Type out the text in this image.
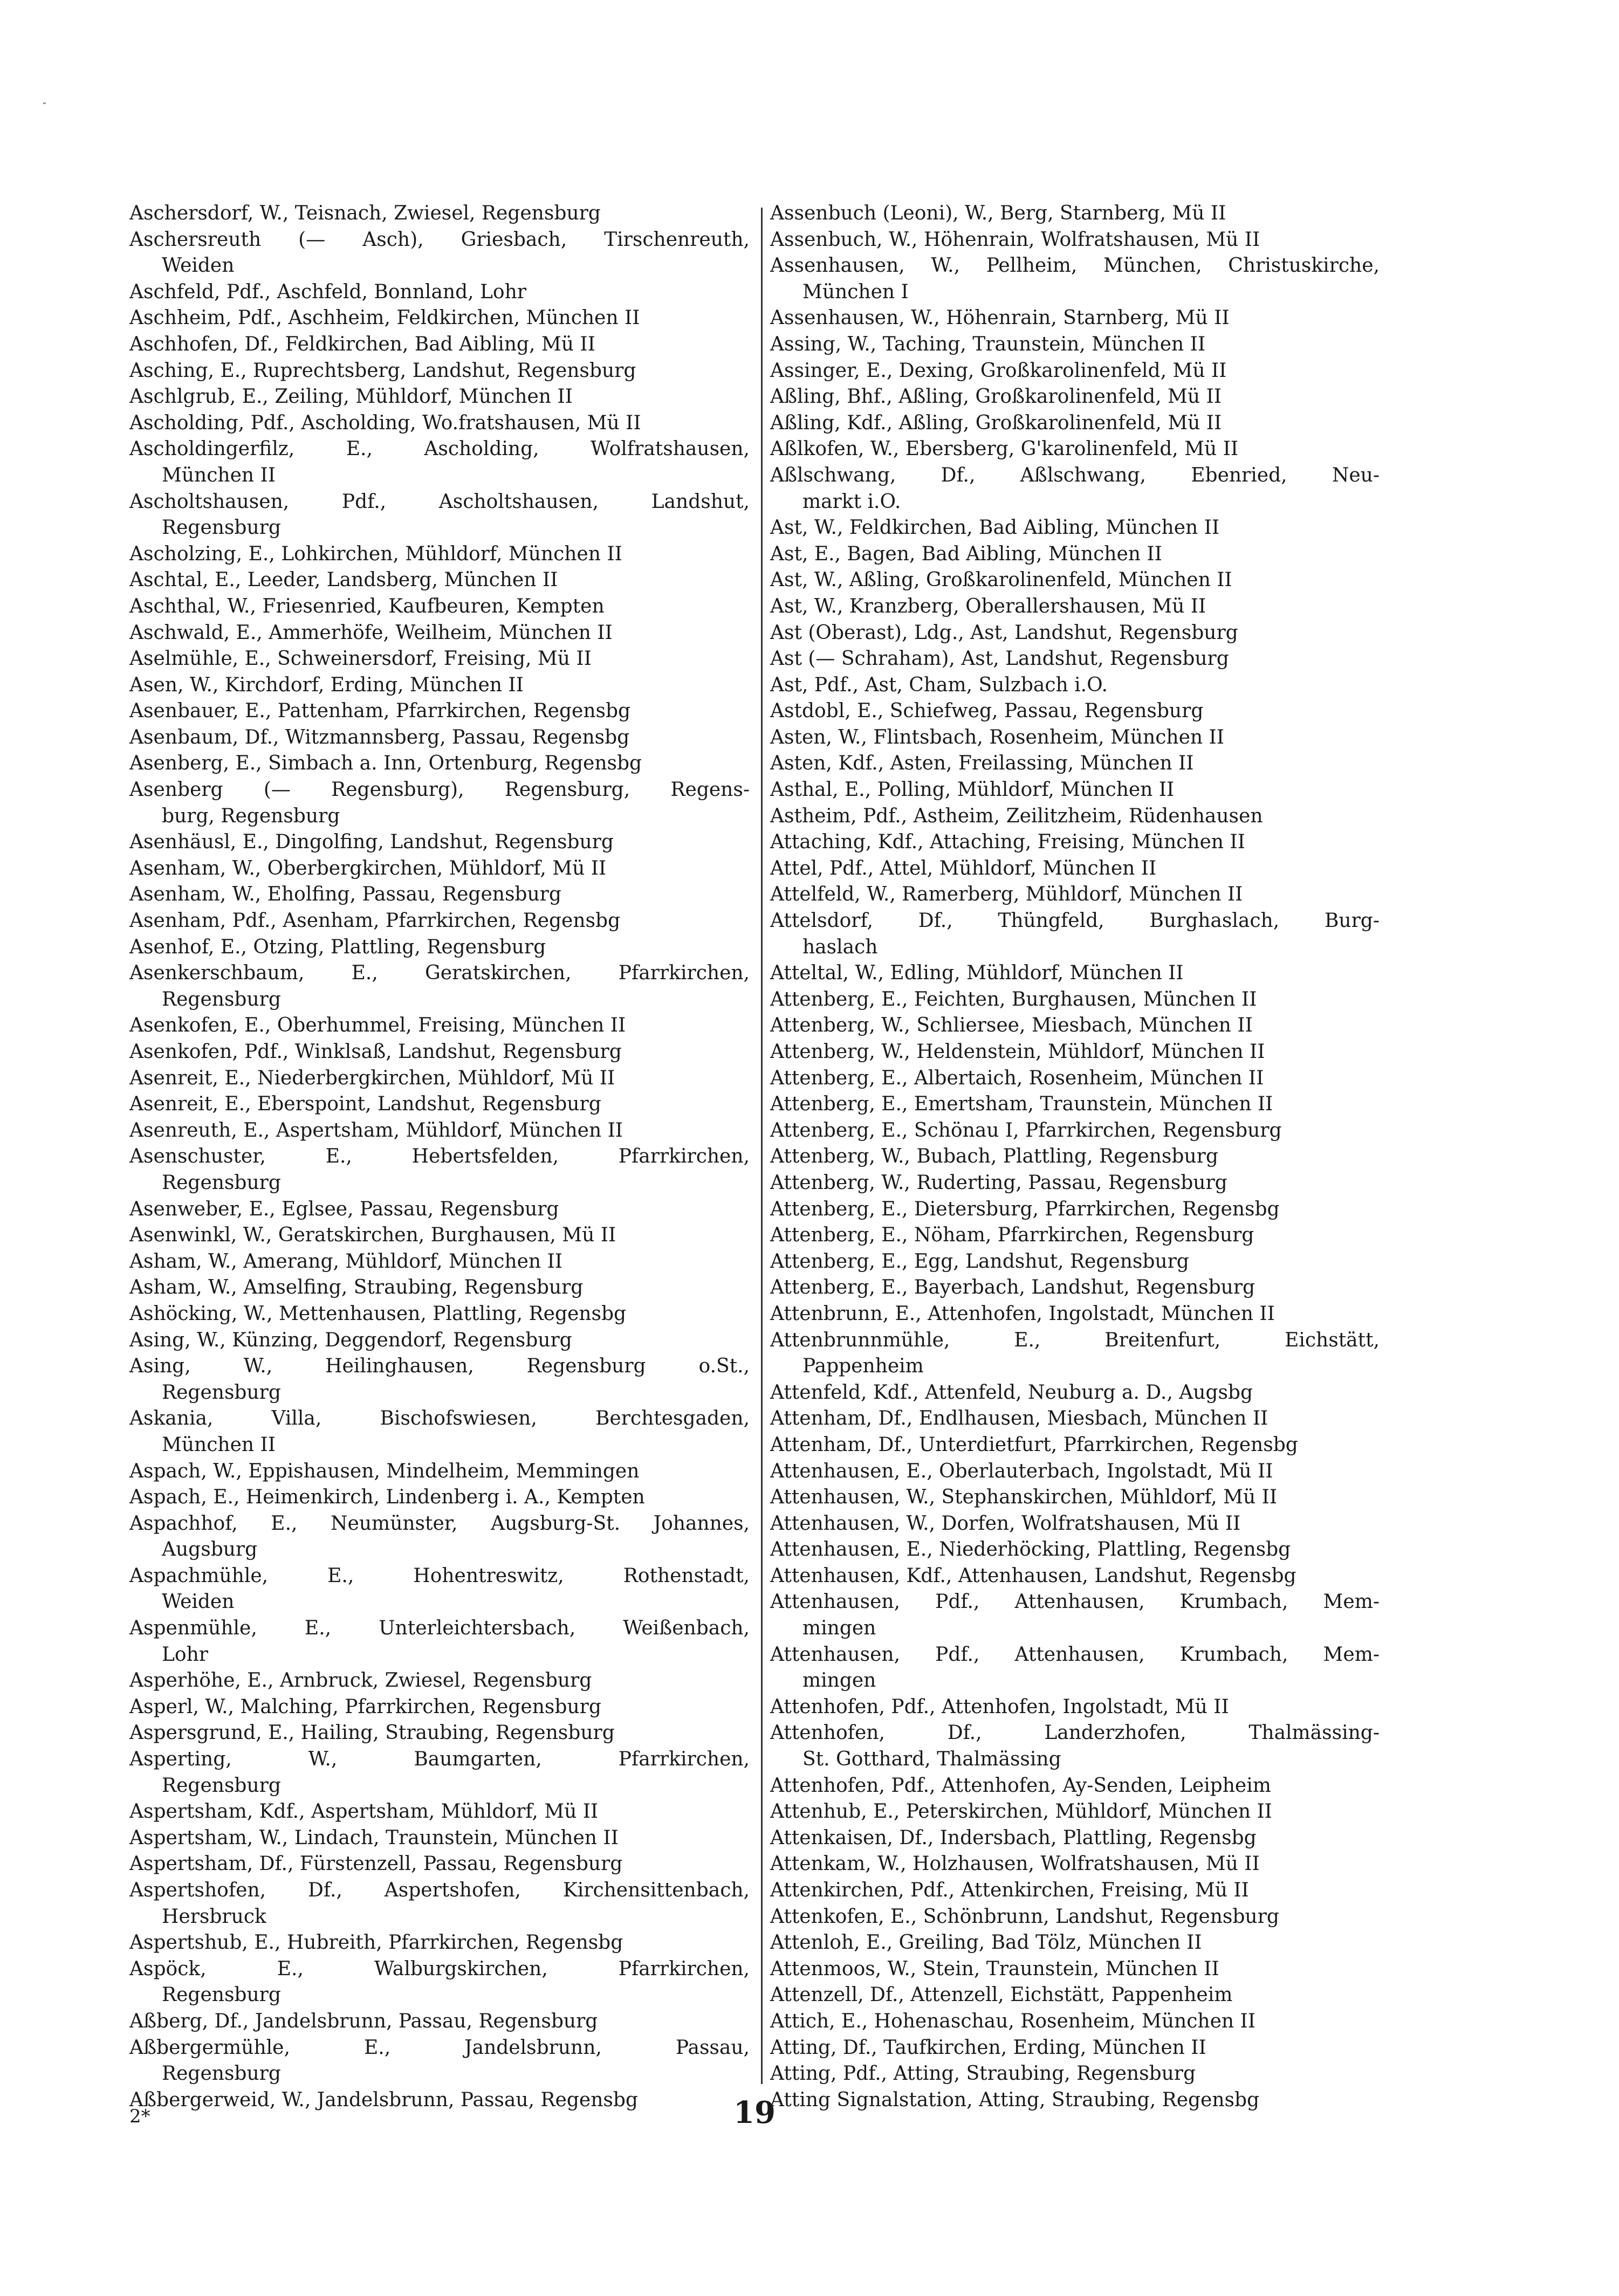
Aschersdorf, W., Teisnach, Zwiesel, Regensburg
Aschersreuth (— Asch), Griesbach, Tirschenreuth,
Weiden
Aschfeld, Pdf., Aschfeld, Bonnland, Lohr
Aschheim, Pdf., Aschheim, Feldkirchen, München II
Aschhofen, Df., Feldkirchen, Bad Aibling, Mü II
Asching, E., Ruprechtsberg, Landshut, Regensburg
Aschlgrub, E., Zeiling, Mühldorf, München II
Ascholding, Pdf., Ascholding, Wo.fratshausen, Mü II
Ascholdingerfilz, E., Ascholding, Wolfratshausen,
München II
Ascholtshausen, Pdf., Ascholtshausen, Landshut,
Regensburg
Ascholzing, E., Lohkirchen, Mühldorf, München II
Aschtal, E., Leeder, Landsberg, München II
Aschthal, W., Friesenried, Kaufbeuren, Kempten
Aschwald, E., Ammerhöfe, Weilheim, München II
Aselmühle, E., Schweinersdorf, Freising, Mü II
Asen, W., Kirchdorf, Erding, München II
Asenbauer, E., Pattenham, Pfarrkirchen, Regensbg
Asenbaum, Df., Witzmannsberg, Passau, Regensbg
Asenberg, E., Simbach a. Inn, Ortenburg, Regensbg
Asenberg (— Regensburg), Regensburg, Regens-
burg, Regensburg
Asenhäusl, E., Dingolfing, Landshut, Regensburg
Asenham, W., Oberbergkirchen, Mühldorf, Mü II
Asenham, W., Eholfing, Passau, Regensburg
Asenham, Pdf., Asenham, Pfarrkirchen, Regensbg
Asenhof, E., Otzing, Plattling, Regensburg
Asenkerschbaum, E., Geratskirchen, Pfarrkirchen,
Regensburg
Asenkofen, E., Oberhummel, Freising, München II
Asenkofen, Pdf., Winklsaß, Landshut, Regensburg
Asenreit, E., Niederbergkirchen, Mühldorf, Mü II
Asenreit, E., Eberspoint, Landshut, Regensburg
Asenreuth, E., Aspertsham, Mühldorf, München II
Asenschuster, E., Hebertsfelden, Pfarrkirchen,
Regensburg
Asenweber, E., Eglsee, Passau, Regensburg
Asenwinkl, W., Geratskirchen, Burghausen, Mü II
Asham, W., Amerang, Mühldorf, München II
Asham, W., Amselfing, Straubing, Regensburg
Ashöcking, W., Mettenhausen, Plattling, Regensbg
Asing, W., Künzing, Deggendorf, Regensburg
Asing, W., Heilinghausen, Regensburg o.St.,
Regensburg
Askania, Villa, Bischofswiesen, Berchtesgaden,
München II
Aspach, W., Eppishausen, Mindelheim, Memmingen
Aspach, E., Heimenkirch, Lindenberg i. A., Kempten
Aspachhof, E., Neumünster, Augsburg-St. Johannes,
Augsburg
Aspachmühle, E., Hohentreswitz, Rothenstadt,
Weiden
Aspenmühle, E., Unterleichtersbach, Weißenbach,
Lohr
Asperhöhe, E., Arnbruck, Zwiesel, Regensburg
Asperl, W., Malching, Pfarrkirchen, Regensburg
Aspersgrund, E., Hailing, Straubing, Regensburg
Asperting, W., Baumgarten, Pfarrkirchen,
Regensburg
Aspertsham, Kdf., Aspertsham, Mühldorf, Mü II
Aspertsham, W., Lindach, Traunstein, München II
Aspertsham, Df., Fürstenzell, Passau, Regensburg
Aspertshofen, Df., Aspertshofen, Kirchensittenbach,
Hersbruck
Aspertshub, E., Hubreith, Pfarrkirchen, Regensbg
Aspöck, E., Walburgskirchen, Pfarrkirchen,
Regensburg
Aßberg, Df., Jandelsbrunn, Passau, Regensburg
Aßbergermühle, E., Jandelsbrunn, Passau,
Regensburg
Aßbergerweid, W., Jandelsbrunn, Passau, Regensbg
Assenbuch (Leoni), W., Berg, Starnberg, Mü II
Assenbuch, W., Höhenrain, Wolfratshausen, Mü II
Assenhausen, W., Pellheim, München, Christuskirche,
München I
Assenhausen, W., Höhenrain, Starnberg, Mü II
Assing, W., Taching, Traunstein, München II
Assinger, E., Dexing, Großkarolinenfeld, Mü II
Aßling, Bhf., Aßling, Großkarolinenfeld, Mü II
Aßling, Kdf., Aßling, Großkarolinenfeld, Mü II
Aßlkofen, W., Ebersberg, G'karolinenfeld, Mü II
Aßlschwang, Df., Aßlschwang, Ebenried, Neu-
markt i.O.
Ast, W., Feldkirchen, Bad Aibling, München II
Ast, E., Bagen, Bad Aibling, München II
Ast, W., Aßling, Großkarolinenfeld, München II
Ast, W., Kranzberg, Oberallershausen, Mü II
Ast (Oberast), Ldg., Ast, Landshut, Regensburg
Ast (— Schraham), Ast, Landshut, Regensburg
Ast, Pdf., Ast, Cham, Sulzbach i.O.
Astdobl, E., Schiefweg, Passau, Regensburg
Asten, W., Flintsbach, Rosenheim, München II
Asten, Kdf., Asten, Freilassing, München II
Asthal, E., Polling, Mühldorf, München II
Astheim, Pdf., Astheim, Zeilitzheim, Rüdenhausen
Attaching, Kdf., Attaching, Freising, München II
Attel, Pdf., Attel, Mühldorf, München II
Attelfeld, W., Ramerberg, Mühldorf, München II
Attelsdorf, Df., Thüngfeld, Burghaslach, Burg-
haslach
Atteltal, W., Edling, Mühldorf, München II
Attenberg, E., Feichten, Burghausen, München II
Attenberg, W., Schliersee, Miesbach, München II
Attenberg, W., Heldenstein, Mühldorf, München II
Attenberg, E., Albertaich, Rosenheim, München II
Attenberg, E., Emertsham, Traunstein, München II
Attenberg, E., Schönau I, Pfarrkirchen, Regensburg
Attenberg, W., Bubach, Plattling, Regensburg
Attenberg, W., Ruderting, Passau, Regensburg
Attenberg, E., Dietersburg, Pfarrkirchen, Regensbg
Attenberg, E., Nöham, Pfarrkirchen, Regensburg
Attenberg, E., Egg, Landshut, Regensburg
Attenberg, E., Bayerbach, Landshut, Regensburg
Attenbrunn, E., Attenhofen, Ingolstadt, München II
Attenbrunnmühle, E., Breitenfurt, Eichstätt,
Pappenheim
Attenfeld, Kdf., Attenfeld, Neuburg a. D., Augsbg
Attenham, Df., Endlhausen, Miesbach, München II
Attenham, Df., Unterdietfurt, Pfarrkirchen, Regensbg
Attenhausen, E., Oberlauterbach, Ingolstadt, Mü II
Attenhausen, W., Stephanskirchen, Mühldorf, Mü II
Attenhausen, W., Dorfen, Wolfratshausen, Mü II
Attenhausen, E., Niederhöcking, Plattling, Regensbg
Attenhausen, Kdf., Attenhausen, Landshut, Regensbg
Attenhausen, Pdf., Attenhausen, Krumbach, Mem-
mingen
Attenhausen, Pdf., Attenhausen, Krumbach, Mem-
mingen
Attenhofen, Pdf., Attenhofen, Ingolstadt, Mü II
Attenhofen, Df., Landerzhofen, Thalmässing-
St. Gotthard, Thalmässing
Attenhofen, Pdf., Attenhofen, Ay-Senden, Leipheim
Attenhub, E., Peterskirchen, Mühldorf, München II
Attenkaisen, Df., Indersbach, Plattling, Regensbg
Attenkam, W., Holzhausen, Wolfratshausen, Mü II
Attenkirchen, Pdf., Attenkirchen, Freising, Mü II
Attenkofen, E., Schönbrunn, Landshut, Regensburg
Attenloh, E., Greiling, Bad Tölz, München II
Attenmoos, W., Stein, Traunstein, München II
Attenzell, Df., Attenzell, Eichstätt, Pappenheim
Attich, E., Hohenaschau, Rosenheim, München II
Atting, Df., Taufkirchen, Erding, München II
Atting, Pdf., Atting, Straubing, Regensburg
Atting Signalstation, Atting, Straubing, Regensbg
2*	19
